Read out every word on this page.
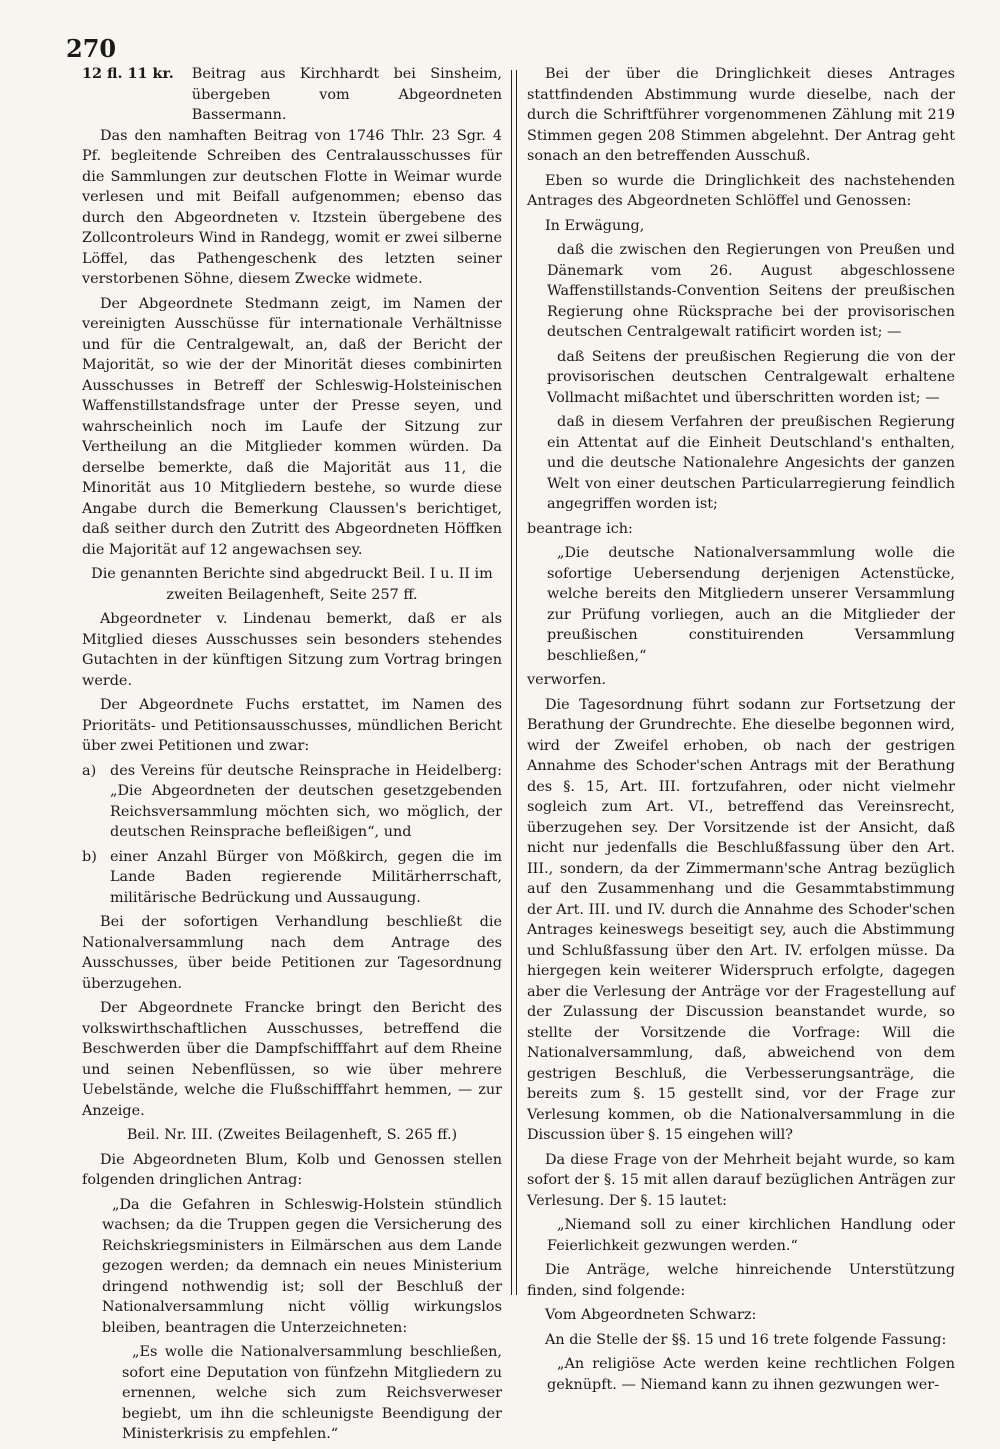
270
12 fl. 11 kr. Beitrag aus Kirchhardt bei Sinsheim, übergeben vom Abgeordneten Bassermann.

Das den namhaften Beitrag von 1746 Thlr. 23 Sgr. 4 Pf. begleitende Schreiben des Centralausschusses für die Sammlungen zur deutschen Flotte in Weimar wurde verlesen und mit Beifall aufgenommen; ebenso das durch den Abgeordneten v. Itzstein übergebene des Zollcontroleurs Wind in Randegg, womit er zwei silberne Löffel, das Pathengeschenk des letzten seiner verstorbenen Söhne, diesem Zwecke widmete.

Der Abgeordnete Stedmann zeigt, im Namen der vereinigten Ausschüsse für internationale Verhältnisse und für die Centralgewalt, an, daß der Bericht der Majorität, so wie der der Minorität dieses combinirten Ausschusses in Betreff der Schleswig-Holsteinischen Waffenstillstandsfrage unter der Presse seyen, und wahrscheinlich noch im Laufe der Sitzung zur Vertheilung an die Mitglieder kommen würden. Da derselbe bemerkte, daß die Majorität aus 11, die Minorität aus 10 Mitgliedern bestehe, so wurde diese Angabe durch die Bemerkung Claussen's berichtiget, daß seither durch den Zutritt des Abgeordneten Höffken die Majorität auf 12 angewachsen sey.

Die genannten Berichte sind abgedruckt Beil. I u. II im zweiten Beilagenheft, Seite 257 ff.

Abgeordneter v. Lindenau bemerkt, daß er als Mitglied dieses Ausschusses sein besonders stehendes Gutachten in der künftigen Sitzung zum Vortrag bringen werde.

Der Abgeordnete Fuchs erstattet, im Namen des Prioritäts- und Petitionsausschusses, mündlichen Bericht über zwei Petitionen und zwar:

a) des Vereins für deutsche Reinsprache in Heidelberg: „Die Abgeordneten der deutschen gesetzgebenden Reichsversammlung möchten sich, wo möglich, der deutschen Reinsprache befleißigen“, und
b) einer Anzahl Bürger von Mößkirch, gegen die im Lande Baden regierende Militärherrschaft, militärische Bedrückung und Aussaugung.

Bei der sofortigen Verhandlung beschließt die Nationalversammlung nach dem Antrage des Ausschusses, über beide Petitionen zur Tagesordnung überzugehen.

Der Abgeordnete Francke bringt den Bericht des volkswirthschaftlichen Ausschusses, betreffend die Beschwerden über die Dampfschifffahrt auf dem Rheine und seinen Nebenflüssen, so wie über mehrere Uebelstände, welche die Flußschifffahrt hemmen, — zur Anzeige.

Beil. Nr. III. (Zweites Beilagenheft, S. 265 ff.)

Die Abgeordneten Blum, Kolb und Genossen stellen folgenden dringlichen Antrag:

„Da die Gefahren in Schleswig-Holstein stündlich wachsen; da die Truppen gegen die Versicherung des Reichskriegsministers in Eilmärschen aus dem Lande gezogen werden; da demnach ein neues Ministerium dringend nothwendig ist; soll der Beschluß der Nationalversammlung nicht völlig wirkungslos bleiben, beantragen die Unterzeichneten:

„Es wolle die Nationalversammlung beschließen, sofort eine Deputation von fünfzehn Mitgliedern zu ernennen, welche sich zum Reichsverweser begiebt, um ihn die schleunigste Beendigung der Ministerkrisis zu empfehlen.“

Bei der über die Dringlichkeit dieses Antrages stattfindenden Abstimmung wurde dieselbe, nach der durch die Schriftführer vorgenommenen Zählung mit 219 Stimmen gegen 208 Stimmen abgelehnt. Der Antrag geht sonach an den betreffenden Ausschuß.

Eben so wurde die Dringlichkeit des nachstehenden Antrages des Abgeordneten Schlöffel und Genossen:

In Erwägung,

daß die zwischen den Regierungen von Preußen und Dänemark vom 26. August abgeschlossene Waffenstillstands-Convention Seitens der preußischen Regierung ohne Rücksprache bei der provisorischen deutschen Centralgewalt ratificirt worden ist; —

daß Seitens der preußischen Regierung die von der provisorischen deutschen Centralgewalt erhaltene Vollmacht mißachtet und überschritten worden ist; —

daß in diesem Verfahren der preußischen Regierung ein Attentat auf die Einheit Deutschland's enthalten, und die deutsche Nationalehre Angesichts der ganzen Welt von einer deutschen Particularregierung feindlich angegriffen worden ist;

beantrage ich:

„Die deutsche Nationalversammlung wolle die sofortige Uebersendung derjenigen Actenstücke, welche bereits den Mitgliedern unserer Versammlung zur Prüfung vorliegen, auch an die Mitglieder der preußischen constituirenden Versammlung beschließen,“

verworfen.

Die Tagesordnung führt sodann zur Fortsetzung der Berathung der Grundrechte. Ehe dieselbe begonnen wird, wird der Zweifel erhoben, ob nach der gestrigen Annahme des Schoder'schen Antrags mit der Berathung des §. 15, Art. III. fortzufahren, oder nicht vielmehr sogleich zum Art. VI., betreffend das Vereinsrecht, überzugehen sey. Der Vorsitzende ist der Ansicht, daß nicht nur jedenfalls die Beschlußfassung über den Art. III., sondern, da der Zimmermann'sche Antrag bezüglich auf den Zusammenhang und die Gesammtabstimmung der Art. III. und IV. durch die Annahme des Schoder'schen Antrages keineswegs beseitigt sey, auch die Abstimmung und Schlußfassung über den Art. IV. erfolgen müsse. Da hiergegen kein weiterer Widerspruch erfolgte, dagegen aber die Verlesung der Anträge vor der Fragestellung auf der Zulassung der Discussion beanstandet wurde, so stellte der Vorsitzende die Vorfrage: Will die Nationalversammlung, daß, abweichend von dem gestrigen Beschluß, die Verbesserungsanträge, die bereits zum §. 15 gestellt sind, vor der Frage zur Verlesung kommen, ob die Nationalversammlung in die Discussion über §. 15 eingehen will?

Da diese Frage von der Mehrheit bejaht wurde, so kam sofort der §. 15 mit allen darauf bezüglichen Anträgen zur Verlesung. Der §. 15 lautet:

„Niemand soll zu einer kirchlichen Handlung oder Feierlichkeit gezwungen werden.“

Die Anträge, welche hinreichende Unterstützung finden, sind folgende:

Vom Abgeordneten Schwarz:

An die Stelle der §§. 15 und 16 trete folgende Fassung:

„An religiöse Acte werden keine rechtlichen Folgen geknüpft. — Niemand kann zu ihnen gezwungen wer-
